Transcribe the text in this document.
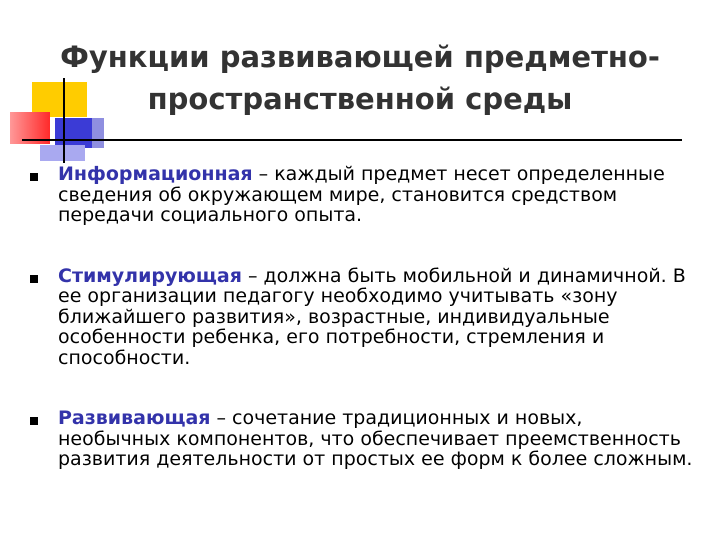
Функции развивающей предметно-
пространственной среды
Информационная – каждый предмет несет определенные сведения об окружающем мире, становится средством передачи социального опыта.
Стимулирующая – должна быть мобильной и динамичной. В ее организации педагогу необходимо учитывать «зону ближайшего развития», возрастные, индивидуальные особенности ребенка, его потребности, стремления и способности.
Развивающая – сочетание традиционных и новых, необычных компонентов, что обеспечивает преемственность развития деятельности от простых ее форм к более сложным.
